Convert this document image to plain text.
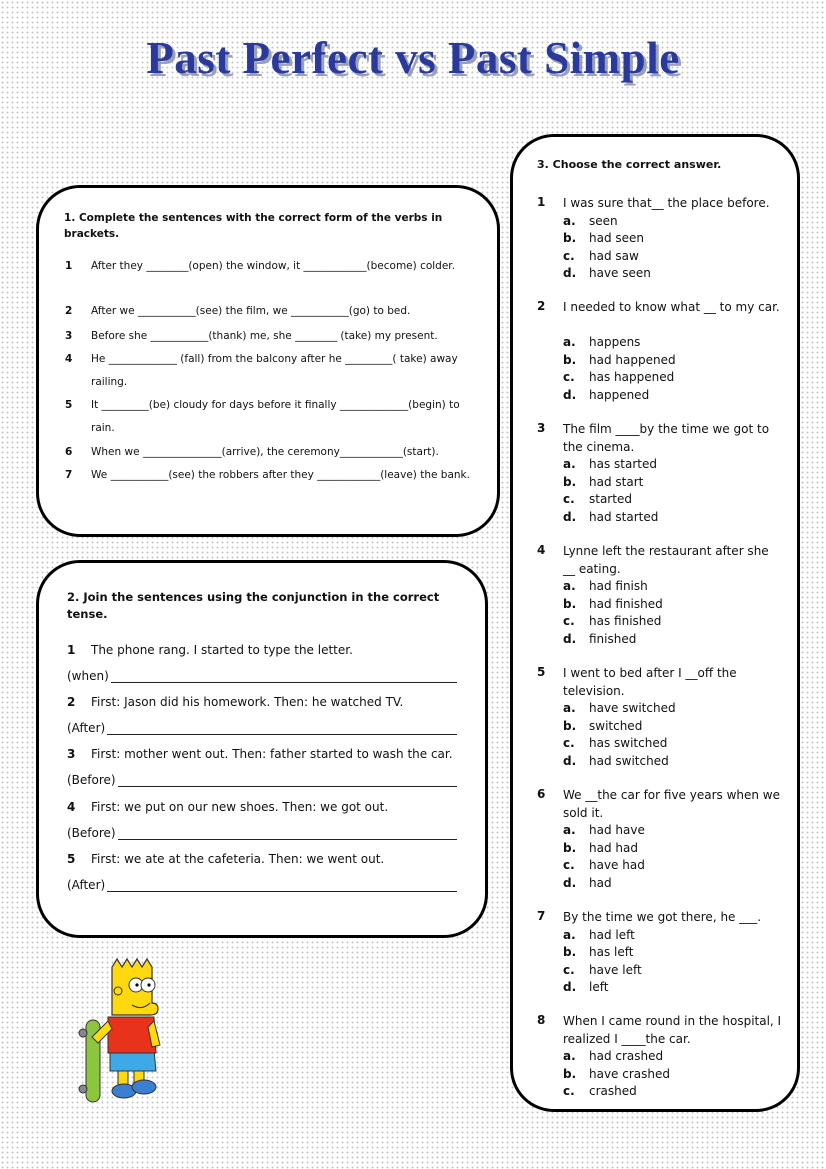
Past Perfect vs Past Simple
1. Complete the sentences with the correct form of the verbs in brackets.
1 After they ________(open) the window, it ____________(become) colder.
2 After we ___________(see) the film, we ___________(go) to bed.
3 Before she ___________(thank) me, she ________ (take) my present.
4 He _____________ (fall) from the balcony after he _________( take) away railing.
5 It _________(be) cloudy for days before it finally _____________(begin) to rain.
6 When we _______________(arrive), the ceremony____________(start).
7 We ___________(see) the robbers after they ____________(leave) the bank.
2. Join the sentences using the conjunction in the correct tense.
1 The phone rang. I started to type the letter.
(when)
2 First: Jason did his homework. Then: he watched TV.
(After)
3 First: mother went out. Then: father started to wash the car.
(Before)
4 First: we put on our new shoes. Then: we got out.
(Before)
5 First: we ate at the cafeteria. Then: we went out.
(After)
3. Choose the correct answer.
1 I was sure that__ the place before.
a. seen
b. had seen
c. had saw
d. have seen
2 I needed to know what __ to my car.
a. happens
b. had happened
c. has happened
d. happened
3 The film ____by the time we got to the cinema.
a. has started
b. had start
c. started
d. had started
4 Lynne left the restaurant after she __ eating.
a. had finish
b. had finished
c. has finished
d. finished
5 I went to bed after I __off the television.
a. have switched
b. switched
c. has switched
d. had switched
6 We __the car for five years when we sold it.
a. had have
b. had had
c. have had
d. had
7 By the time we got there, he ___.
a. had left
b. has left
c. have left
d. left
8 When I came round in the hospital, I realized I ____the car.
a. had crashed
b. have crashed
c. crashed
